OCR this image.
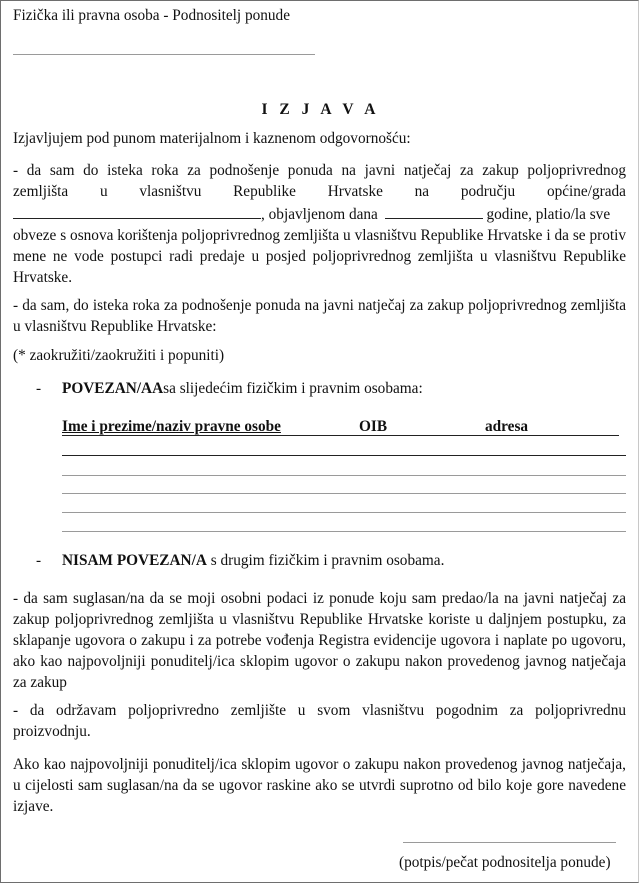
Fizička ili pravna osoba - Podnositelj ponude
I Z J A V A
Izjavljujem pod punom materijalnom i kaznenom odgovornošću:
- da sam do isteka roka za podnošenje ponuda na javni natječaj za zakup poljoprivrednog
zemljišta u vlasništvu Republike Hrvatske na području općine/grada
, objavljenom dana	godine, platio/la sve
obveze s osnova korištenja poljoprivrednog zemljišta u vlasništvu Republike Hrvatske i da se protiv mene ne vode postupci radi predaje u posjed poljoprivrednog zemljišta u vlasništvu Republike Hrvatske.
- da sam, do isteka roka za podnošenje ponuda na javni natječaj za zakup poljoprivrednog zemljišta u vlasništvu Republike Hrvatske:
(* zaokružiti/zaokružiti i popuniti)
- POVEZAN/AAsa slijedećim fizičkim i pravnim osobama:
Ime i prezime/naziv pravne osobe	OIB	adresa
- NISAM POVEZAN/A s drugim fizičkim i pravnim osobama.
- da sam suglasan/na da se moji osobni podaci iz ponude koju sam predao/la na javni natječaj za zakup poljoprivrednog zemljišta u vlasništvu Republike Hrvatske koriste u daljnjem postupku, za sklapanje ugovora o zakupu i za potrebe vođenja Registra evidencije ugovora i naplate po ugovoru, ako kao najpovoljniji ponuditelj/ica sklopim ugovor o zakupu nakon provedenog javnog natječaja za zakup
- da održavam poljoprivredno zemljište u svom vlasništvu pogodnim za poljoprivrednu proizvodnju.
Ako kao najpovoljniji ponuditelj/ica sklopim ugovor o zakupu nakon provedenog javnog natječaja, u cijelosti sam suglasan/na da se ugovor raskine ako se utvrdi suprotno od bilo koje gore navedene izjave.
(potpis/pečat podnositelja ponude)
